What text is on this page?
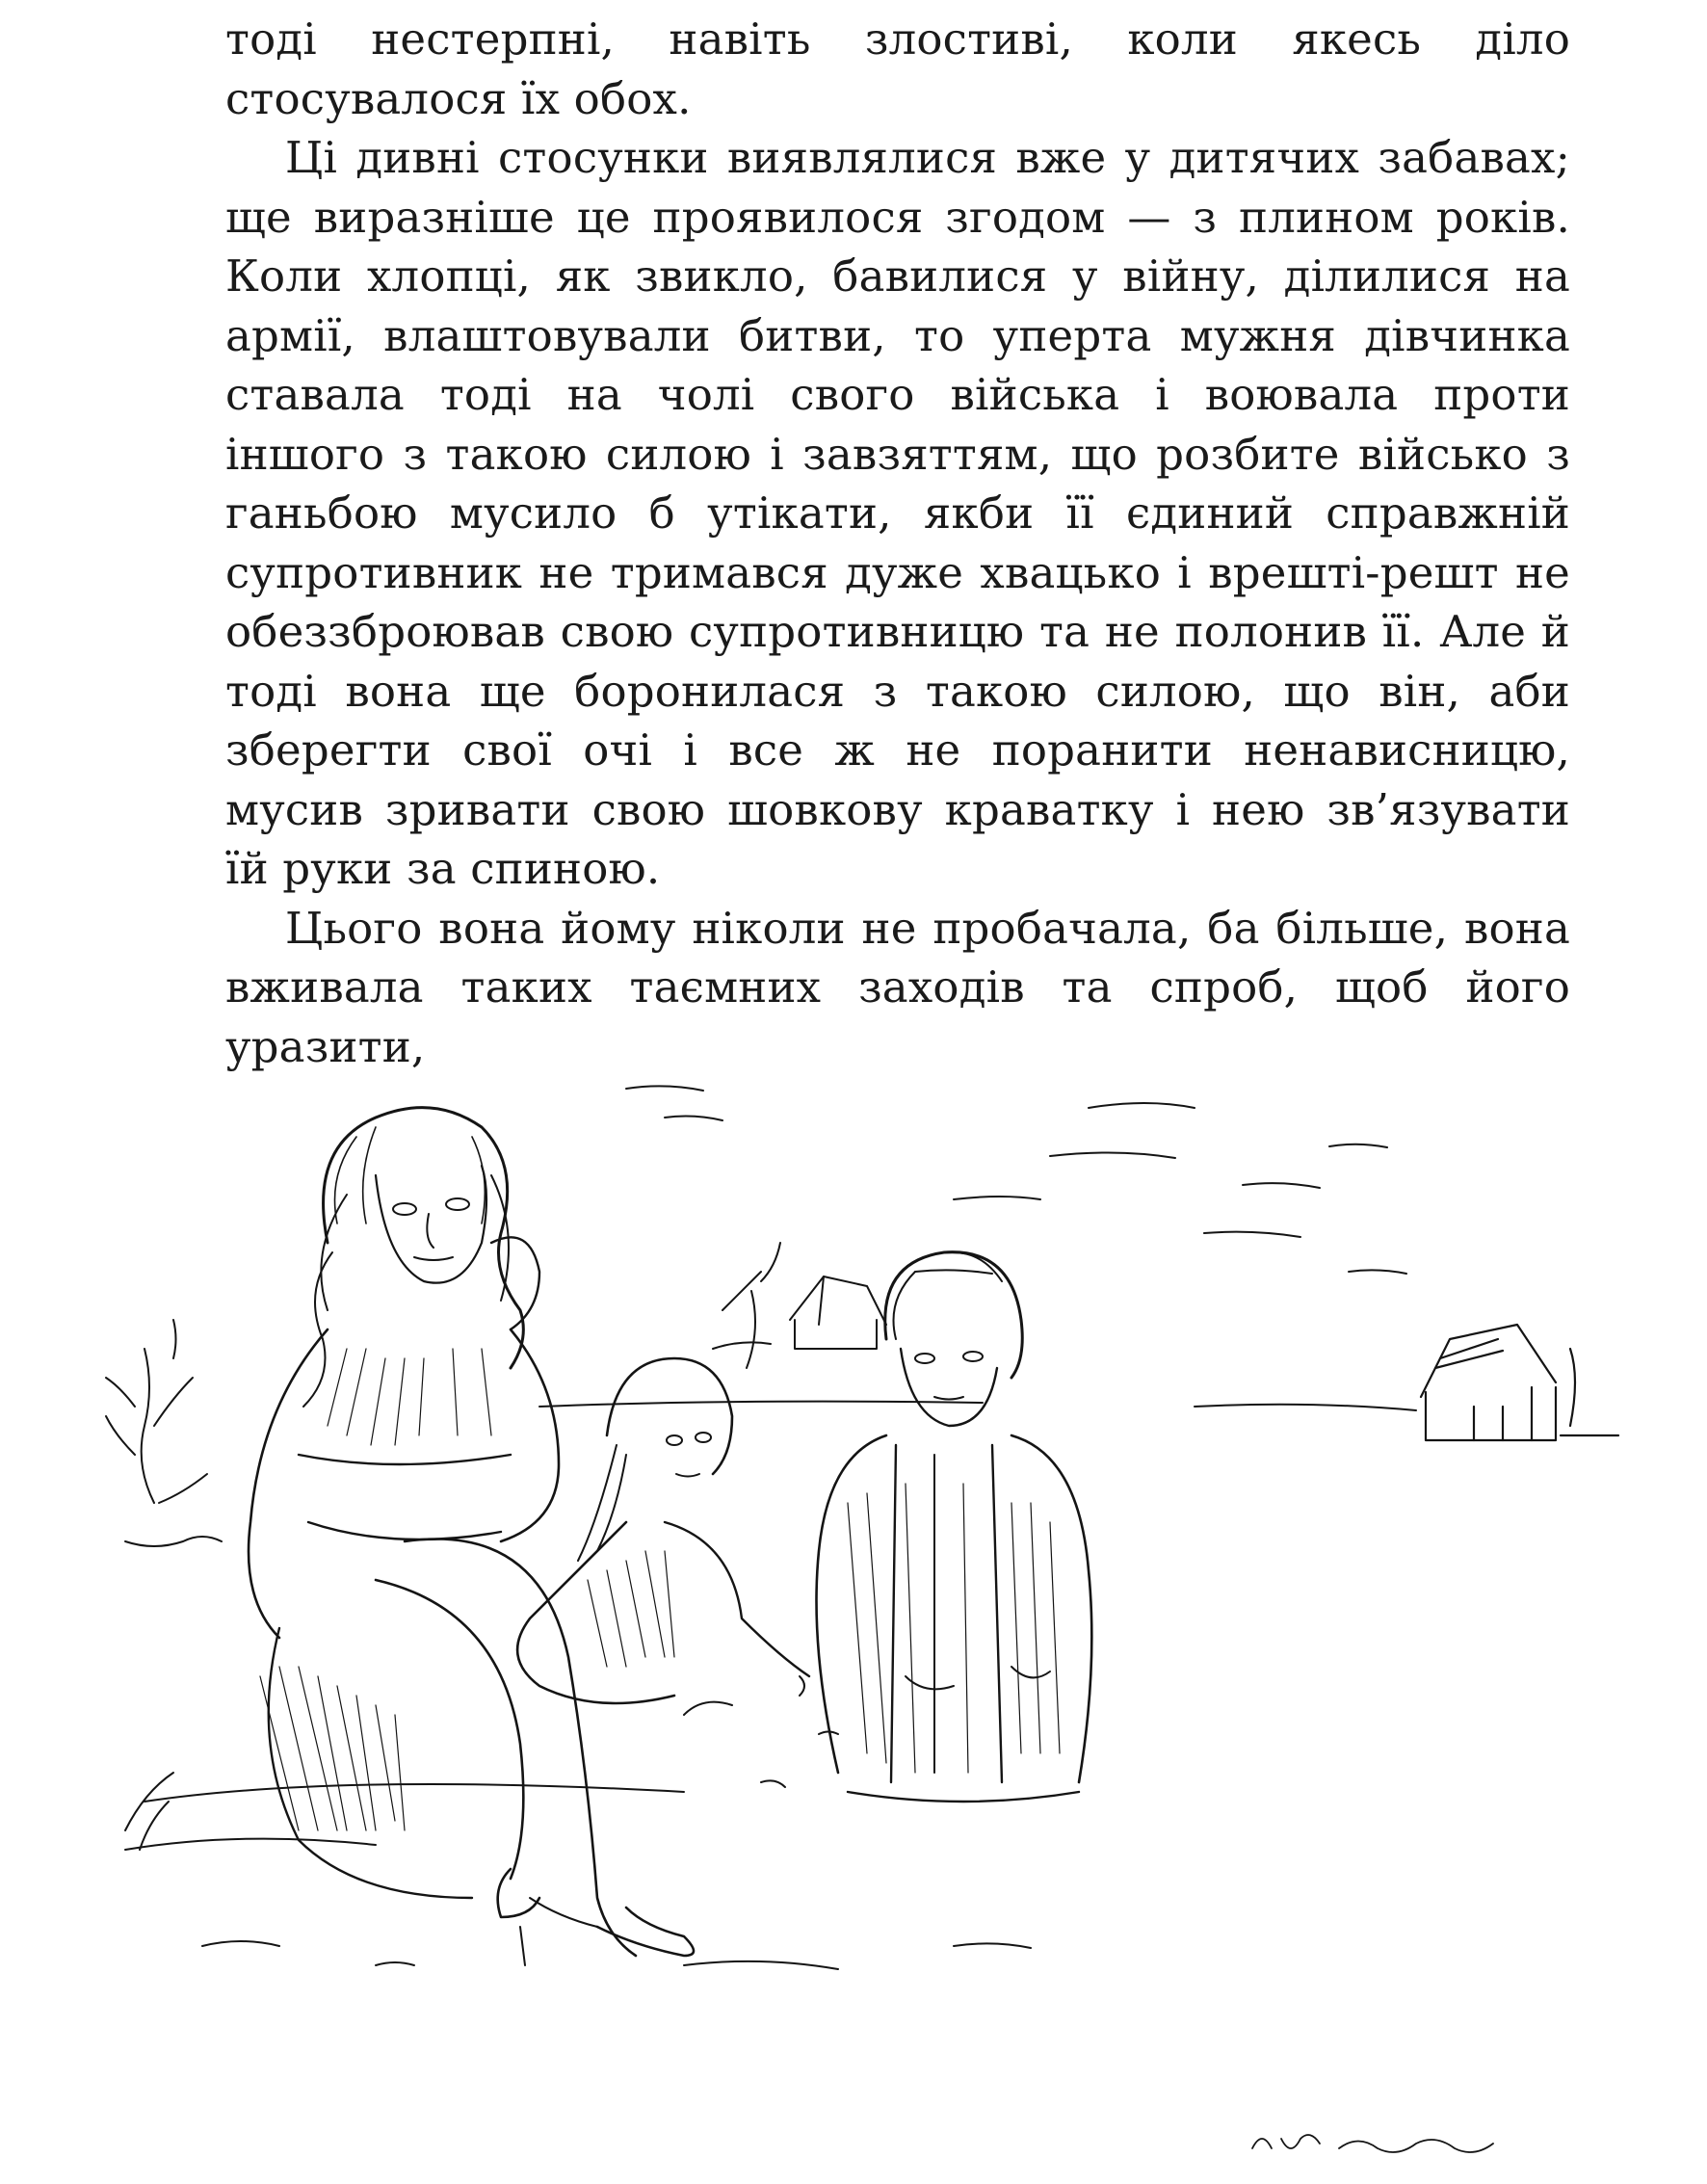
тоді нестерпні, навіть злостиві, коли якесь діло стосувалося їх обох.

Ці дивні стосунки виявлялися вже у дитячих забавах; ще виразніше це проявилося згодом — з плином років. Коли хлопці, як звикло, бавилися у війну, ділилися на армії, влаштовували битви, то уперта мужня дівчинка ставала тоді на чолі свого війська і воювала проти іншого з такою силою і завзяттям, що розбите військо з ганьбою мусило б утікати, якби її єдиний справжній супротивник не тримався дуже хвацько і врешті-решт не обеззброював свою супротивницю та не полонив її. Але й тоді вона ще боронилася з такою силою, що він, аби зберегти свої очі і все ж не поранити ненависницю, мусив зривати свою шовкову краватку і нею зв’язувати їй руки за спиною.

Цього вона йому ніколи не пробачала, ба більше, вона вживала таких таємних заходів та спроб, щоб його уразити,
